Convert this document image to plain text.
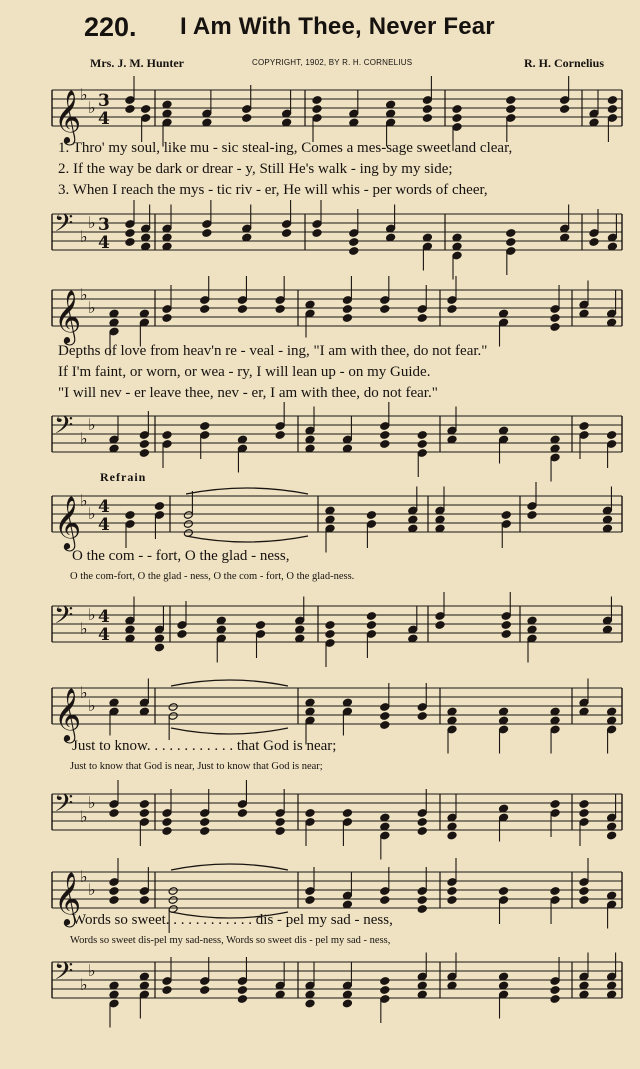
220. I Am With Thee, Never Fear
Mrs. J. M. Hunter	COPYRIGHT, 1902, BY R. H. CORNELIUS	R. H. Cornelius
𝄞
♭
♭ 3
4
1. Thro' my soul, like mu - sic steal-ing, Comes a mes-sage sweet and clear,
2. If the way be dark or drear - y, Still He's walk - ing by my side;
3. When I reach the mys - tic riv - er, He will whis - per words of cheer,
𝄢 ♭
♭ 3
4
𝄞
♭
♭
Depths of love from heav'n re - veal - ing, "I am with thee, do not fear."
If I'm faint, or worn, or wea - ry, I will lean up - on my Guide.
"I will nev - er leave thee, nev - er, I am with thee, do not fear."
𝄢 ♭
♭
Refrain
𝄞
♭
♭ 4
4
O the com - - fort, O the glad - ness,
O the com-fort, O the glad - ness, O the com - fort, O the glad-ness.
𝄢 ♭
♭ 4
4
𝄞
♭
♭
Just to know. . . . . . . . . . . . that God is near;
Just to know that God is near, Just to know that God is near;
𝄢 ♭
♭
𝄞
♭
♭
Words so sweet. . . . . . . . . . . . dis - pel my sad - ness,
Words so sweet dis-pel my sad-ness, Words so sweet dis - pel my sad - ness,
𝄢 ♭
♭
